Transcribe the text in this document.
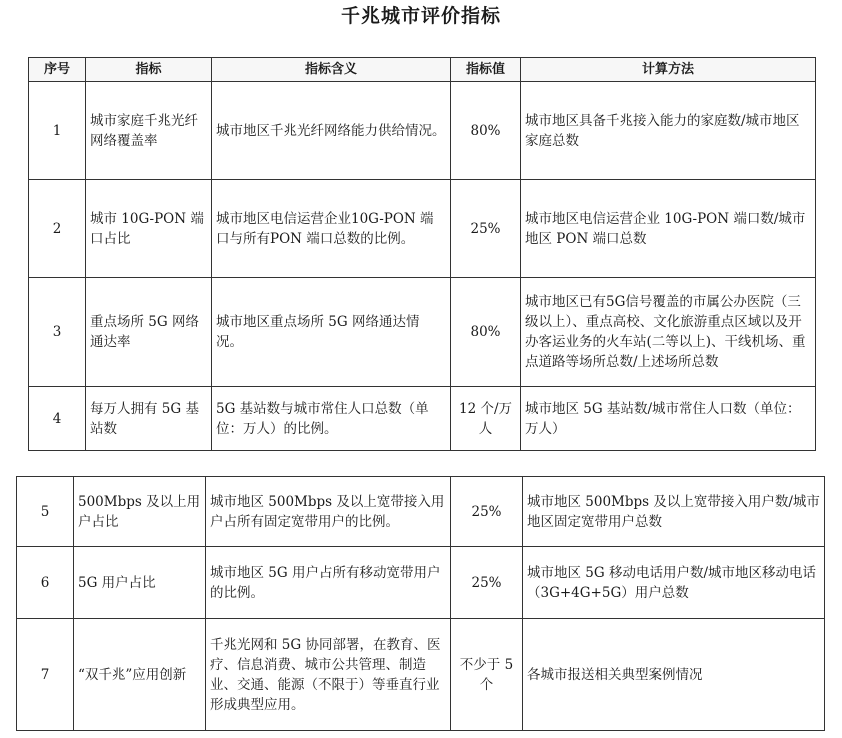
千兆城市评价指标
序号	指标	指标含义	指标值	计算方法
1	城市家庭千兆光纤网络覆盖率	城市地区千兆光纤网络能力供给情况。	80%	城市地区具备千兆接入能力的家庭数/城市地区家庭总数
2	城市 10G-PON 端口占比	城市地区电信运营企业10G-PON 端口与所有PON 端口总数的比例。	25%	城市地区电信运营企业 10G-PON 端口数/城市地区 PON 端口总数
3	重点场所 5G 网络通达率	城市地区重点场所 5G 网络通达情况。	80%	城市地区已有5G信号覆盖的市属公办医院（三级以上）、重点高校、文化旅游重点区域以及开办客运业务的火车站(二等以上)、干线机场、重点道路等场所总数/上述场所总数
4	每万人拥有 5G 基站数	5G 基站数与城市常住人口总数（单位：万人）的比例。	12 个/万人	城市地区 5G 基站数/城市常住人口数（单位：万人）
5	500Mbps 及以上用户占比	城市地区 500Mbps 及以上宽带接入用户占所有固定宽带用户的比例。	25%	城市地区 500Mbps 及以上宽带接入用户数/城市地区固定宽带用户总数
6	5G 用户占比	城市地区 5G 用户占所有移动宽带用户的比例。	25%	城市地区 5G 移动电话用户数/城市地区移动电话（3G+4G+5G）用户总数
7	“双千兆”应用创新	千兆光网和 5G 协同部署，在教育、医疗、信息消费、城市公共管理、制造业、交通、能源（不限于）等垂直行业形成典型应用。	不少于 5 个	各城市报送相关典型案例情况
